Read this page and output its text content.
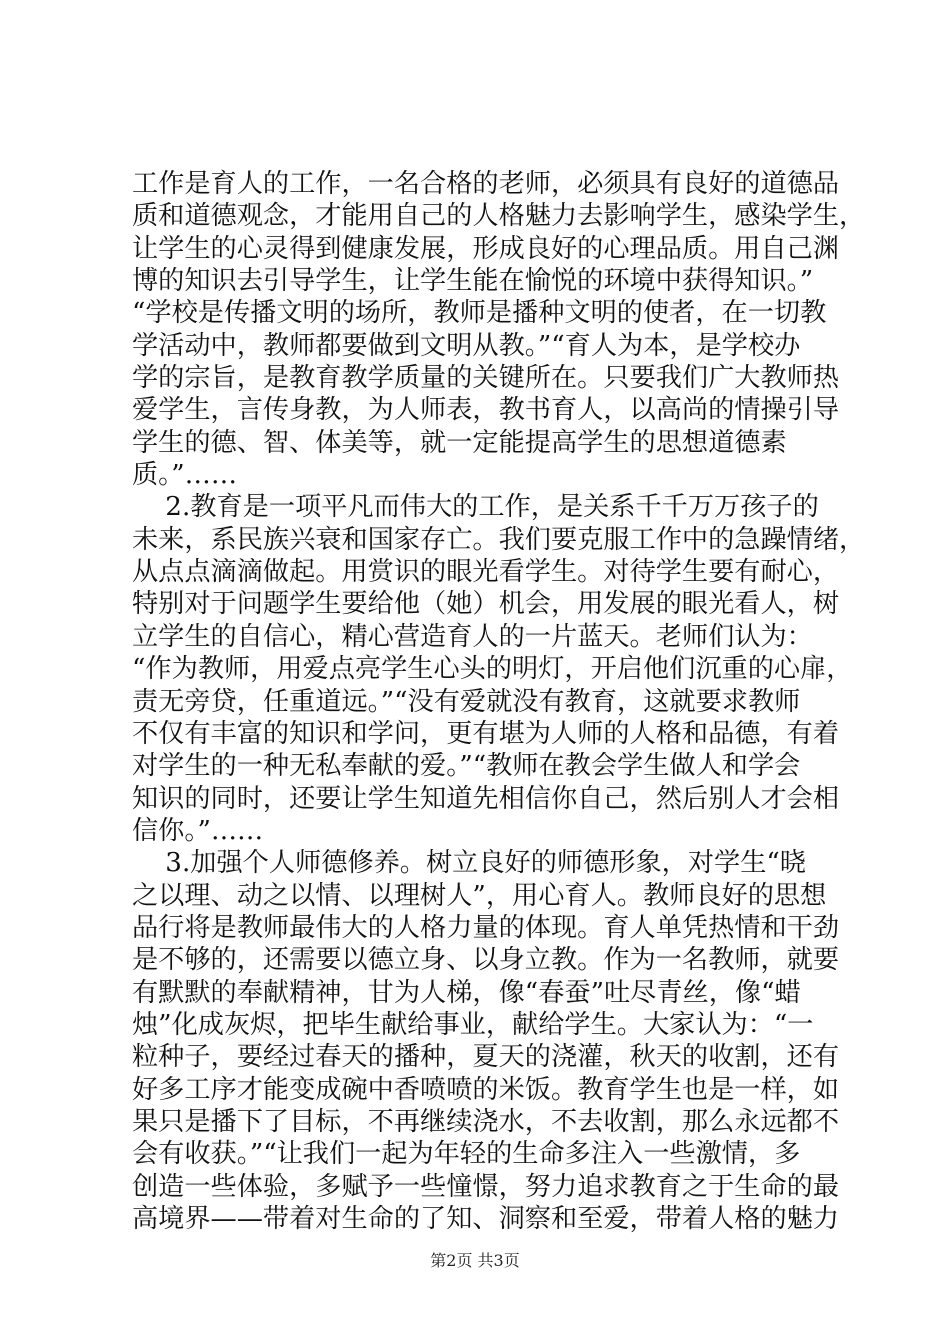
工作是育人的工作，一名合格的老师，必须具有良好的道德品
质和道德观念，才能用自己的人格魅力去影响学生，感染学生，
让学生的心灵得到健康发展，形成良好的心理品质。用自己渊
博的知识去引导学生，让学生能在愉悦的环境中获得知识。”
“学校是传播文明的场所，教师是播种文明的使者，在一切教
学活动中，教师都要做到文明从教。”“育人为本，是学校办
学的宗旨，是教育教学质量的关键所在。只要我们广大教师热
爱学生，言传身教，为人师表，教书育人，以高尚的情操引导
学生的德、智、体美等，就一定能提高学生的思想道德素
质。”……
2.教育是一项平凡而伟大的工作，是关系千千万万孩子的
未来，系民族兴衰和国家存亡。我们要克服工作中的急躁情绪，
从点点滴滴做起。用赏识的眼光看学生。对待学生要有耐心，
特别对于问题学生要给他（她）机会，用发展的眼光看人，树
立学生的自信心，精心营造育人的一片蓝天。老师们认为：
“作为教师，用爱点亮学生心头的明灯，开启他们沉重的心扉，
责无旁贷，任重道远。”“没有爱就没有教育，这就要求教师
不仅有丰富的知识和学问，更有堪为人师的人格和品德，有着
对学生的一种无私奉献的爱。”“教师在教会学生做人和学会
知识的同时，还要让学生知道先相信你自己，然后别人才会相
信你。”……
3.加强个人师德修养。树立良好的师德形象，对学生“晓
之以理、动之以情、以理树人”，用心育人。教师良好的思想
品行将是教师最伟大的人格力量的体现。育人单凭热情和干劲
是不够的，还需要以德立身、以身立教。作为一名教师，就要
有默默的奉献精神，甘为人梯，像“春蚕”吐尽青丝，像“蜡
烛”化成灰烬，把毕生献给事业，献给学生。大家认为：“一
粒种子，要经过春天的播种，夏天的浇灌，秋天的收割，还有
好多工序才能变成碗中香喷喷的米饭。教育学生也是一样，如
果只是播下了目标，不再继续浇水，不去收割，那么永远都不
会有收获。”“让我们一起为年轻的生命多注入一些激情，多
创造一些体验，多赋予一些憧憬，努力追求教育之于生命的最
高境界——带着对生命的了知、洞察和至爱，带着人格的魅力
第2页 共3页
